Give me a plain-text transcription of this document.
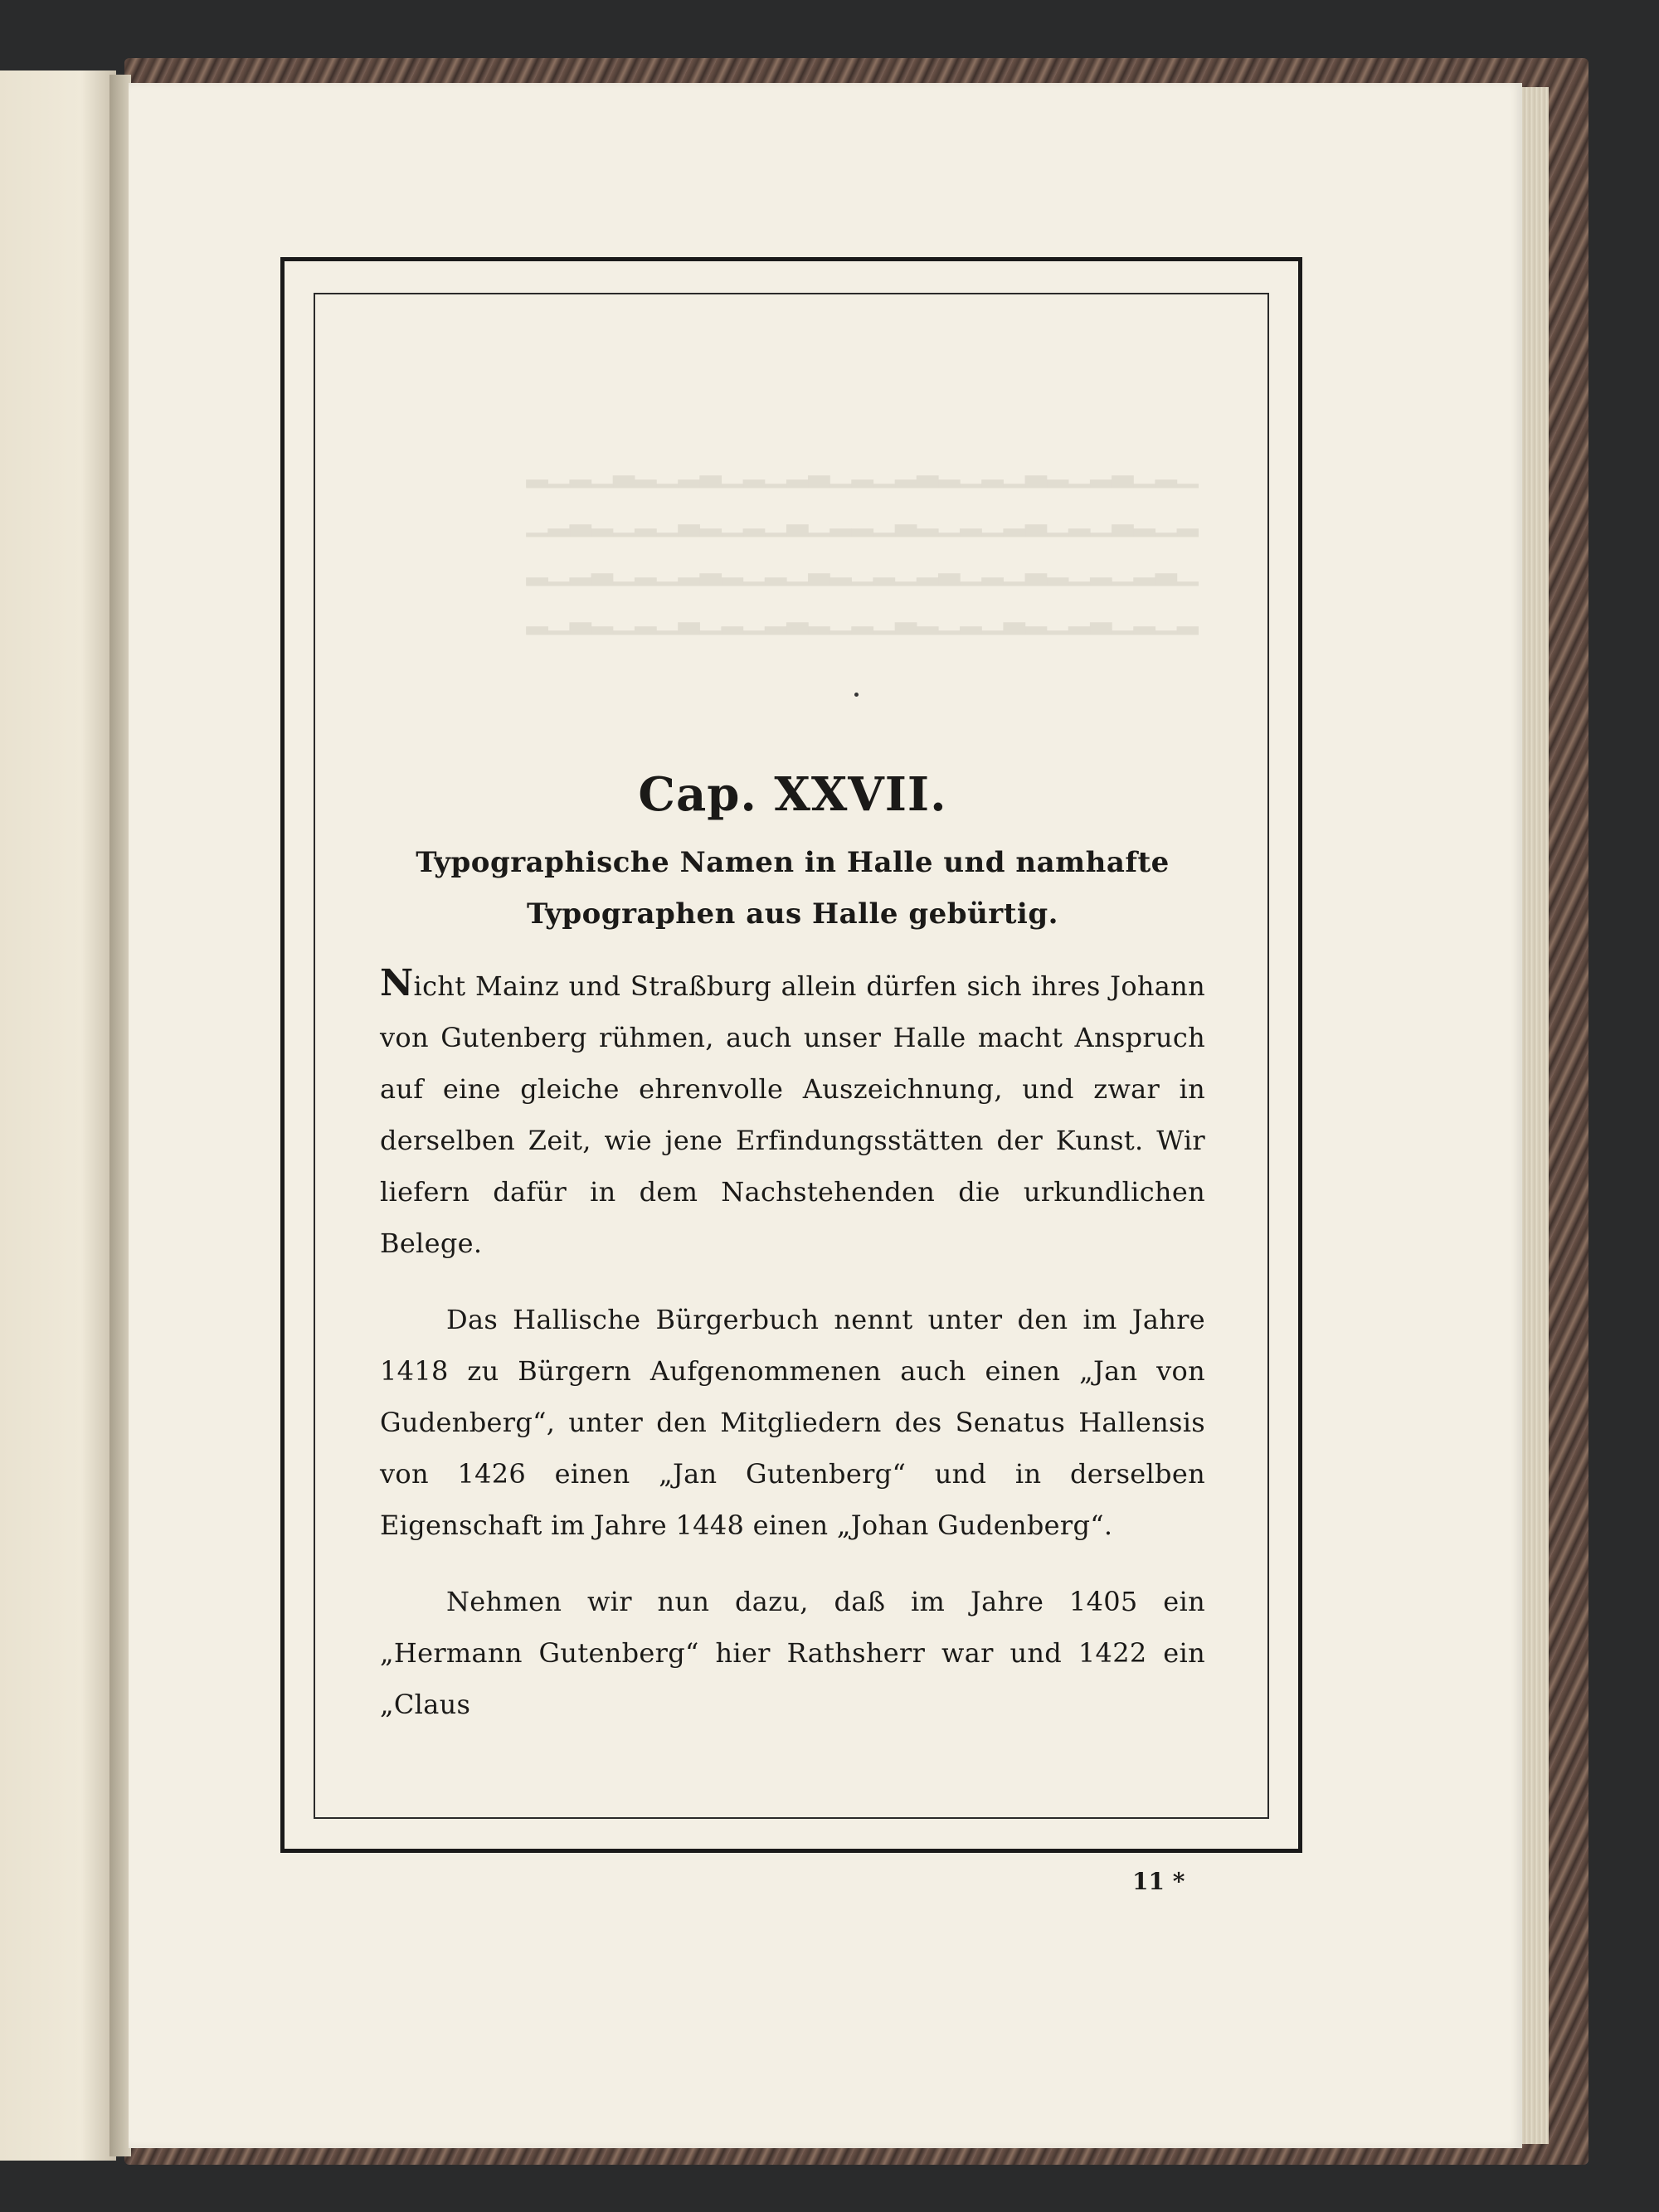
▁▂▁▃▂▁▂▃▁▂▁▂▃▂▁▂▁▃▂▁▂▁▃▂▁▂▃▁▂▁▂
▂▁▂▃▁▂▁▃▂▁▂▁▂▃▁▂▂▁▃▁▂▁▂▃▁▂▁▂▃▂▁
▁▃▂▁▂▁▂▃▁▂▁▃▂▁▂▁▂▃▁▂▁▂▃▂▁▂▁▃▂▁▂
▂▁▂▁▃▂▁▂▃▁▂▁▂▃▁▂▁▂▃▂▁▂▁▃▁▂▁▂▃▁▂
Cap. XXVII.
Typographische Namen in Halle und namhafte
Typographen aus Halle gebürtig.

Nicht Mainz und Straßburg allein dürfen sich ihres Johann von Gutenberg rühmen, auch unser Halle macht Anspruch auf eine gleiche ehrenvolle Auszeichnung, und zwar in derselben Zeit, wie jene Erfindungsstätten der Kunst. Wir liefern dafür in dem Nachstehenden die urkundlichen Belege.

Das Hallische Bürgerbuch nennt unter den im Jahre 1418 zu Bürgern Aufgenommenen auch einen „Jan von Gudenberg“, unter den Mitgliedern des Senatus Hallensis von 1426 einen „Jan Gutenberg“ und in derselben Eigenschaft im Jahre 1448 einen „Johan Gudenberg“.

Nehmen wir nun dazu, daß im Jahre 1405 ein „Hermann Gutenberg“ hier Rathsherr war und 1422 ein „Claus

11 *
